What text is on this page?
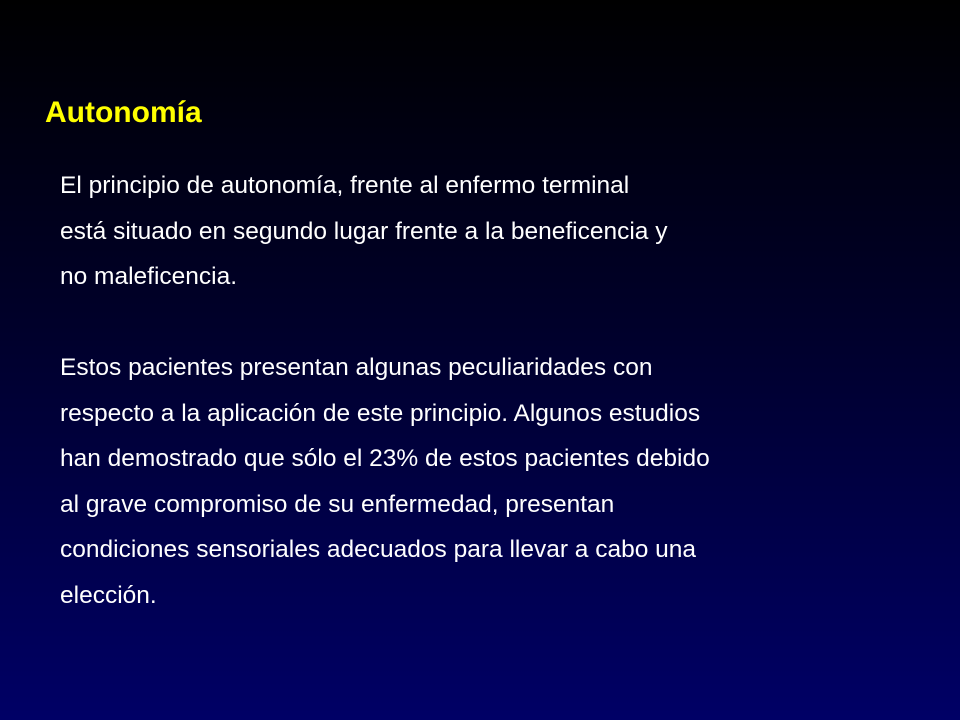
Autonomía
El principio de autonomía, frente al enfermo terminal
está situado en segundo lugar frente a la beneficencia y
no maleficencia.
Estos pacientes presentan algunas peculiaridades con
respecto a la aplicación de este principio. Algunos estudios
han demostrado que sólo el 23% de estos pacientes debido
al grave compromiso de su enfermedad, presentan
condiciones sensoriales adecuados para llevar a cabo una
elección.
